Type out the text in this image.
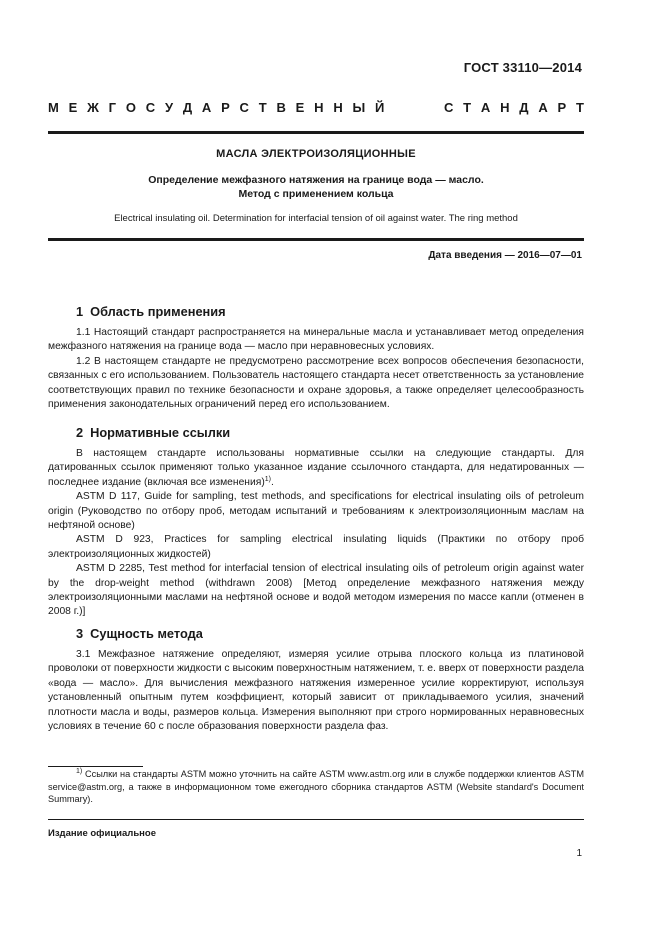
ГОСТ 33110—2014
М Е Ж Г О С У Д А Р С Т В Е Н Н Ы Й	С Т А Н Д А Р Т
МАСЛА ЭЛЕКТРОИЗОЛЯЦИОННЫЕ
Определение межфазного натяжения на границе вода — масло.
Метод с применением кольца
Electrical insulating oil. Determination for interfacial tension of oil against water. The ring method
Дата введения — 2016—07—01
1 Область применения

1.1 Настоящий стандарт распространяется на минеральные масла и устанавливает метод определения межфазного натяжения на границе вода — масло при неравновесных условиях.

1.2 В настоящем стандарте не предусмотрено рассмотрение всех вопросов обеспечения безопасности, связанных с его использованием. Пользователь настоящего стандарта несет ответственность за установление соответствующих правил по технике безопасности и охране здоровья, а также определяет целесообразность применения законодательных ограничений перед его использованием.

2 Нормативные ссылки

В настоящем стандарте использованы нормативные ссылки на следующие стандарты. Для датированных ссылок применяют только указанное издание ссылочного стандарта, для недатированных — последнее издание (включая все изменения)$^{1)}$.

ASTM D 117, Guide for sampling, test methods, and specifications for electrical insulating oils of petroleum origin (Руководство по отбору проб, методам испытаний и требованиям к электроизоляционным маслам на нефтяной основе)

ASTM D 923, Practices for sampling electrical insulating liquids (Практики по отбору проб электроизоляционных жидкостей)

ASTM D 2285, Test method for interfacial tension of electrical insulating oils of petroleum origin against water by the drop-weight method (withdrawn 2008) [Метод определение межфазного натяжения между электроизоляционными маслами на нефтяной основе и водой методом измерения по массе капли (отменен в 2008 г.)]

3 Сущность метода

3.1 Межфазное натяжение определяют, измеряя усилие отрыва плоского кольца из платиновой проволоки от поверхности жидкости с высоким поверхностным натяжением, т. е. вверх от поверхности раздела «вода — масло». Для вычисления межфазного натяжения измеренное усилие корректируют, используя установленный опытным путем коэффициент, который зависит от прикладываемого усилия, значений плотности масла и воды, размеров кольца. Измерения выполняют при строго нормированных неравновесных условиях в течение 60 с после образования поверхности раздела фаз.

$^{1)}$ Ссылки на стандарты ASTM можно уточнить на сайте ASTM www.astm.org или в службе поддержки клиентов ASTM service@astm.org, а также в информационном томе ежегодного сборника стандартов ASTM (Website standard's Document Summary).

Издание официальное
1
